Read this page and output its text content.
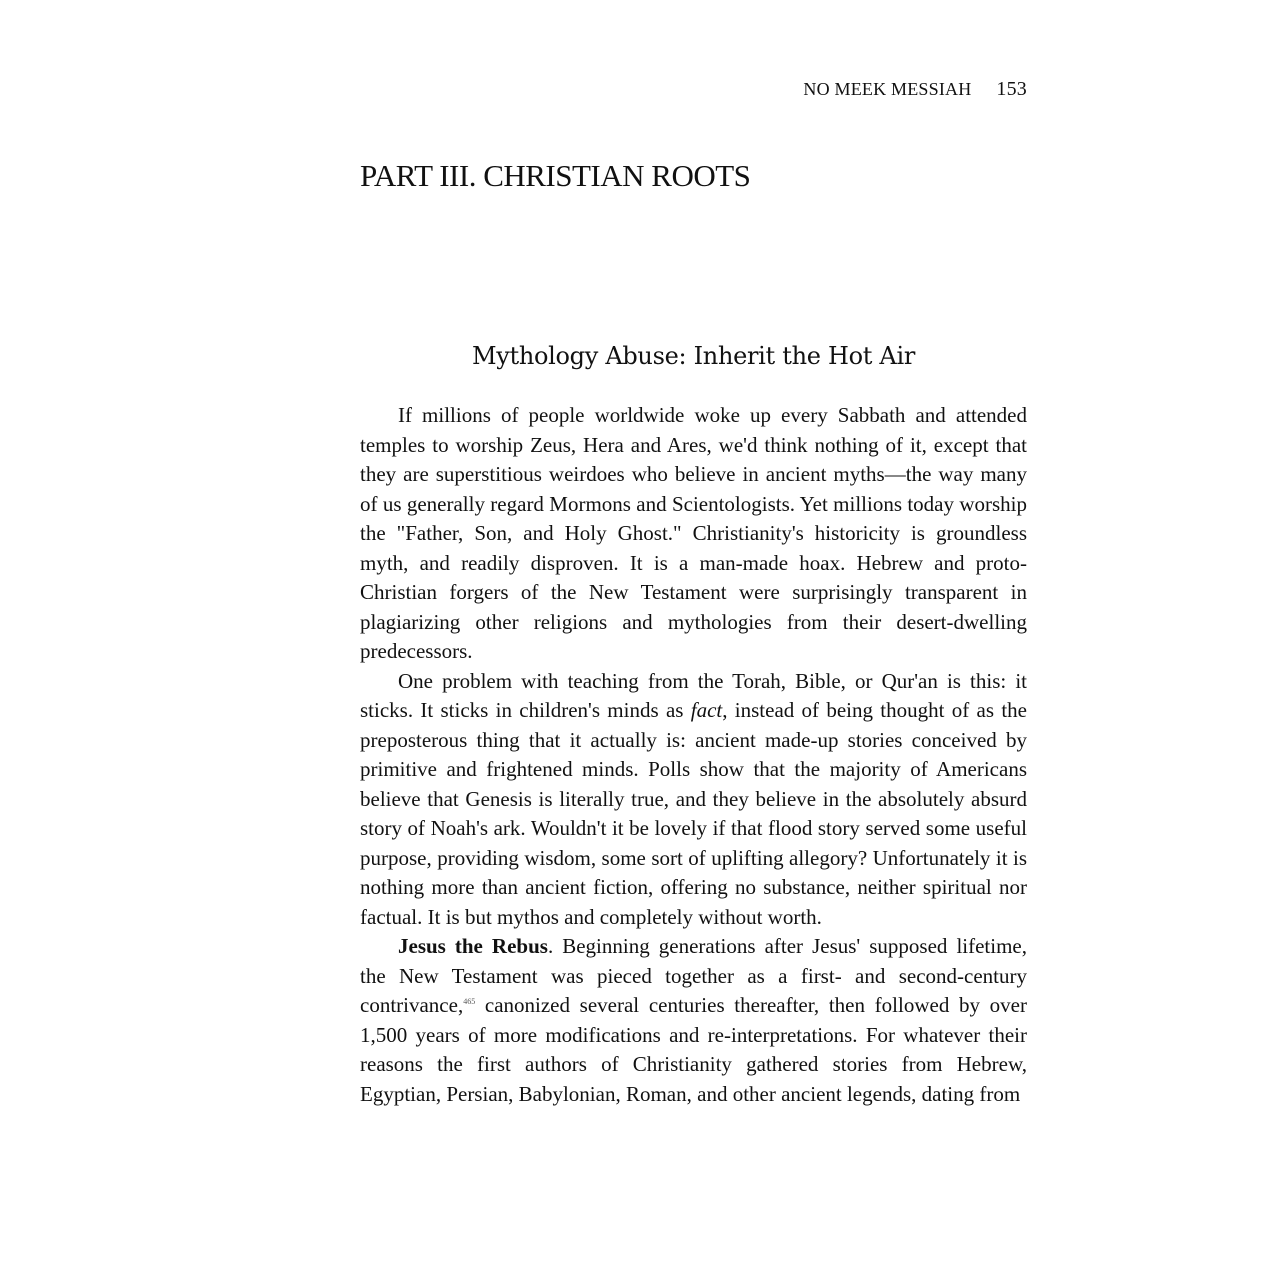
NO MEEK MESSIAH 153
PART III. CHRISTIAN ROOTS
Mythology Abuse: Inherit the Hot Air

If millions of people worldwide woke up every Sabbath and attended temples to worship Zeus, Hera and Ares, we'd think nothing of it, except that they are superstitious weirdoes who believe in ancient myths—the way many of us generally regard Mormons and Scientologists. Yet millions today worship the "Father, Son, and Holy Ghost." Christianity's historicity is groundless myth, and readily disproven. It is a man-made hoax. Hebrew and proto-Christian forgers of the New Testament were surprisingly transparent in plagiarizing other religions and mythologies from their desert-dwelling predecessors.

One problem with teaching from the Torah, Bible, or Qur'an is this: it sticks. It sticks in children's minds as fact, instead of being thought of as the preposterous thing that it actually is: ancient made-up stories conceived by primitive and frightened minds. Polls show that the majority of Americans believe that Genesis is literally true, and they believe in the absolutely absurd story of Noah's ark. Wouldn't it be lovely if that flood story served some useful purpose, providing wisdom, some sort of uplifting allegory? Unfortunately it is nothing more than ancient fiction, offering no substance, neither spiritual nor factual. It is but mythos and completely without worth.

Jesus the Rebus. Beginning generations after Jesus' supposed lifetime, the New Testament was pieced together as a first- and second-century contrivance,$^{465}$ canonized several centuries thereafter, then followed by over 1,500 years of more modifications and re-interpretations. For whatever their reasons the first authors of Christianity gathered stories from Hebrew, Egyptian, Persian, Babylonian, Roman, and other ancient legends, dating from
